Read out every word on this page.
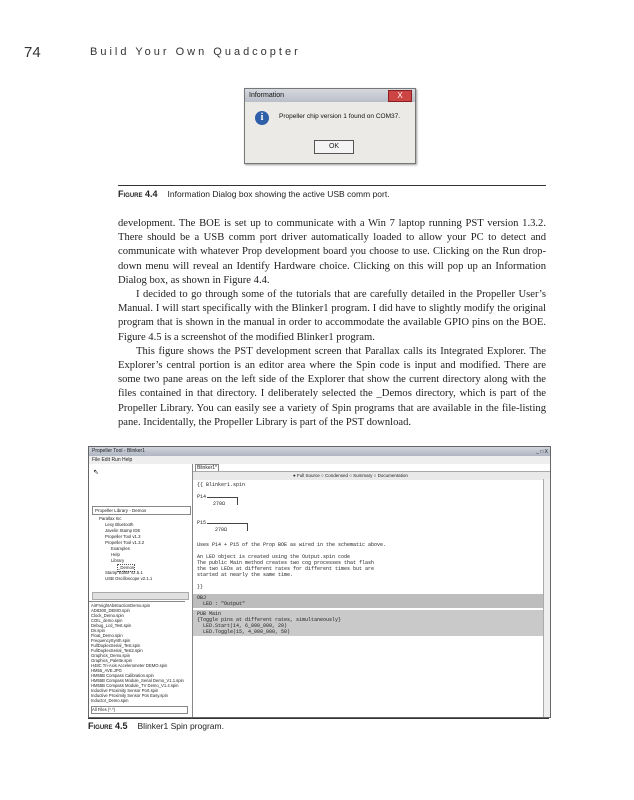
74	Build Your Own Quadcopter
Information	X
i	Propeller chip version 1 found on COM37.
OK
Figure 4.4 Information Dialog box showing the active USB comm port.

development. The BOE is set up to communicate with a Win 7 laptop running PST version 1.3.2. There should be a USB comm port driver automatically loaded to allow your PC to detect and communicate with whatever Prop development board you choose to use. Clicking on the Run drop-down menu will reveal an Identify Hardware choice. Clicking on this will pop up an Information Dialog box, as shown in Figure 4.4.

I decided to go through some of the tutorials that are carefully detailed in the Propeller User’s Manual. I will start specifically with the Blinker1 program. I did have to slightly modify the original program that is shown in the manual in order to accommodate the available GPIO pins on the BOE. Figure 4.5 is a screenshot of the modified Blinker1 program.

This figure shows the PST development screen that Parallax calls its Integrated Explorer. The Explorer’s central portion is an editor area where the Spin code is input and modified. There are some two pane areas on the left side of the Explorer that show the current directory along with the files contained in that directory. I deliberately selected the _Demos directory, which is part of the Propeller Library. You can easily see a variety of Spin programs that are available in the file-listing pane. Incidentally, the Propeller Library is part of the PST download.

Propeller Tool - Blinker1	_ □ X
File Edit Run Help
⇖
Propeller Library - Demos
Parallax Inc
Lexy Bluetooth
Javelin Stamp IDE
Propeller Tool v1.3
Propeller Tool v1.3.2
Examples
Help
Library
_Demos
Stamp Editor v2.5.1
USB Oscilloscope v2.1.1
AirFreightAbstractionDemo.spin
AD8300_DEMO.spin
Clock_Demo.spin
COIL_demo.spin
Debug_Lcd_Test.spin
Dir.spin
Float_Demo.spin
FrequencySynth.spin
FullDuplexSerial_Test.spin
FullDuplexSerial_Test2.spin
Graphics_Demo.spin
Graphics_Palette.spin
H48C Tri-Axis Accelerometer DEMO.spin
HM55_AVE.JPG
HM55B Compass Calibration.spin
HM55B Compass Module_Serial Demo_V1.1.spin
HM55B Compass Module_TV Demo_V1.4.spin
Inductive Proximity Sensor Port.spin
Inductive Proximity Sensor Pos Easy.spin
Inductor_Demo.spin
All Files (*.*)
Blinker1*
● Full Source ○ Condensed ○ Summary ○ Documentation
{{ Blinker1.spin
P14
270Ω
P15
270Ω
Uses P14 + P15 of the Prop BOE as wired in the schematic above.

An LED object is created using the Output.spin code
The public Main method creates two cog processes that flash
the two LEDs at different rates for different times but are
started at nearly the same time.

}}
OBJ
LED : "Output"
PUB Main
{Toggle pins at different rates, simultaneously}
LED.Start(14, 6_000_000, 20)
LED.Toggle(15, 4_000_000, 50)
Figure 4.5 Blinker1 Spin program.
